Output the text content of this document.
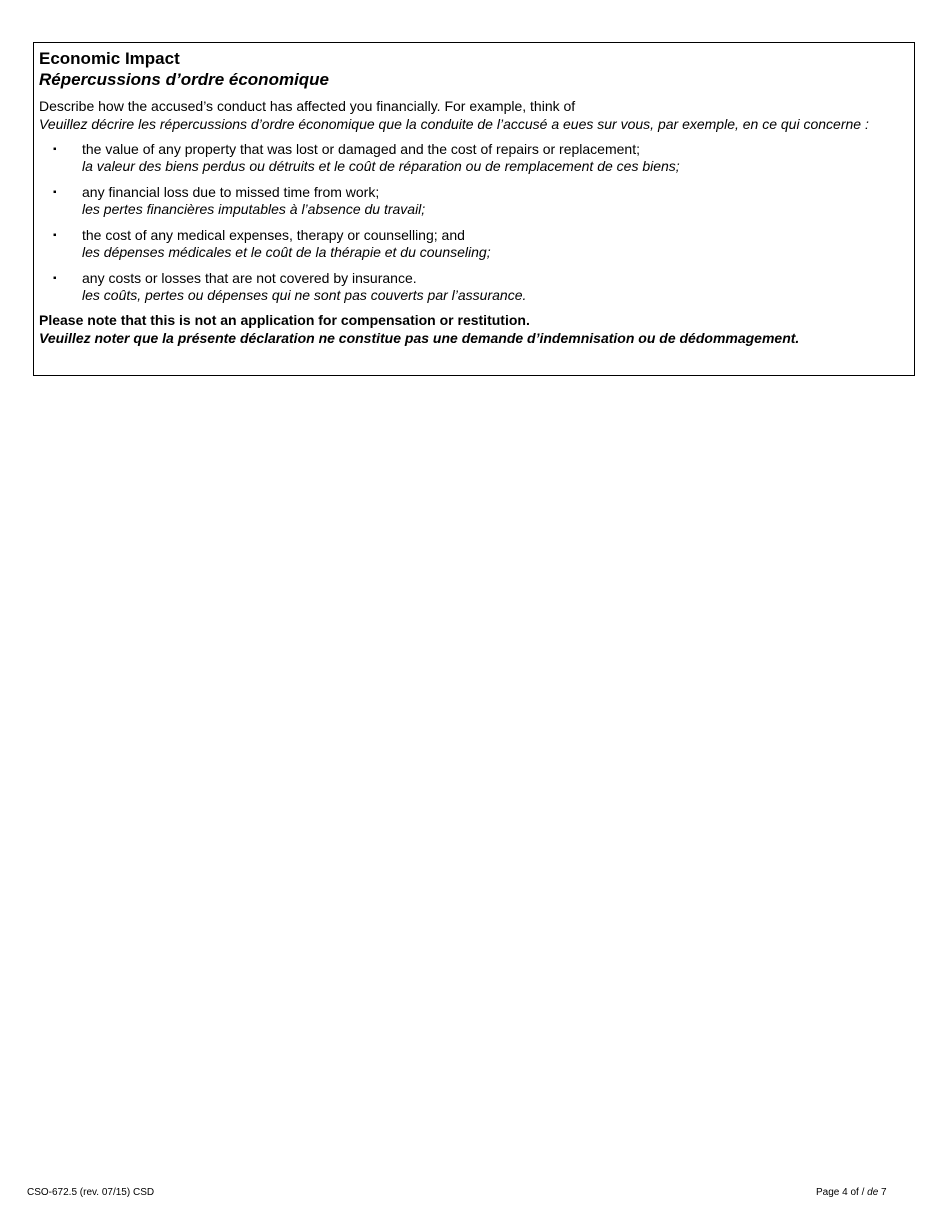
Economic Impact
Répercussions d’ordre économique
Describe how the accused’s conduct has affected you financially. For example, think of
Veuillez décrire les répercussions d’ordre économique que la conduite de l’accusé a eues sur vous, par exemple, en ce qui concerne :
▪ the value of any property that was lost or damaged and the cost of repairs or replacement;
la valeur des biens perdus ou détruits et le coût de réparation ou de remplacement de ces biens;
▪ any financial loss due to missed time from work;
les pertes financières imputables à l’absence du travail;
▪ the cost of any medical expenses, therapy or counselling; and
les dépenses médicales et le coût de la thérapie et du counseling;
▪ any costs or losses that are not covered by insurance.
les coûts, pertes ou dépenses qui ne sont pas couverts par l’assurance.
Please note that this is not an application for compensation or restitution.
Veuillez noter que la présente déclaration ne constitue pas une demande d’indemnisation ou de dédommagement.
CSO-672.5 (rev. 07/15) CSD	Page 4 of / de 7
